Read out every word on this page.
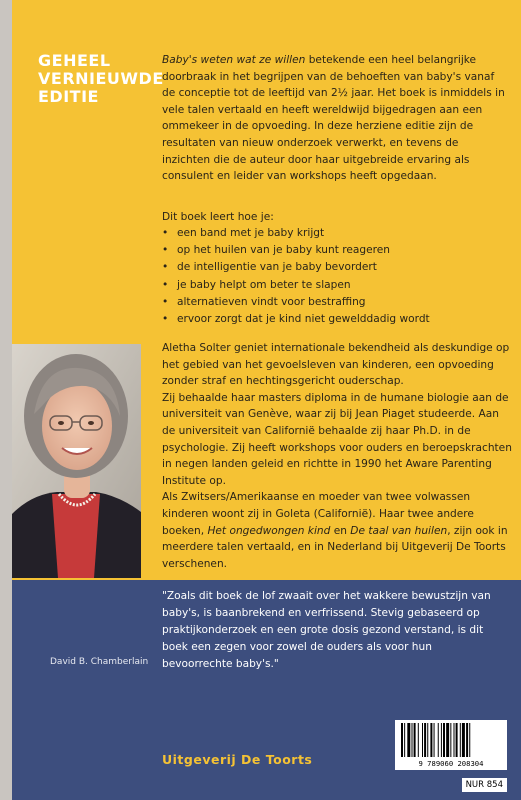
GEHEEL
VERNIEUWDE
EDITIE

Baby's weten wat ze willen betekende een heel belangrijke doorbraak in het begrijpen van de behoeften van baby's vanaf de conceptie tot de leeftijd van 2½ jaar. Het boek is inmiddels in vele talen vertaald en heeft wereldwijd bijgedragen aan een ommekeer in de opvoeding. In deze herziene editie zijn de resultaten van nieuw onderzoek verwerkt, en tevens de inzichten die de auteur door haar uitgebreide ervaring als consulent en leider van workshops heeft opgedaan.

Dit boek leert hoe je:

• een band met je baby krijgt
• op het huilen van je baby kunt reageren
• de intelligentie van je baby bevordert
• je baby helpt om beter te slapen
• alternatieven vindt voor bestraffing
• ervoor zorgt dat je kind niet gewelddadig wordt
Aletha Solter geniet internationale bekendheid als deskundige op het gebied van het gevoelsleven van kinderen, een opvoeding zonder straf en hechtingsgericht ouderschap.
Zij behaalde haar masters diploma in de humane biologie aan de universiteit van Genève, waar zij bij Jean Piaget studeerde. Aan de universiteit van Californië behaalde zij haar Ph.D. in de psychologie. Zij heeft workshops voor ouders en beroepskrachten in negen landen geleid en richtte in 1990 het Aware Parenting Institute op.
Als Zwitsers/Amerikaanse en moeder van twee volwassen kinderen woont zij in Goleta (Californië). Haar twee andere boeken, Het ongedwongen kind en De taal van huilen, zijn ook in meerdere talen vertaald, en in Nederland bij Uitgeverij De Toorts verschenen.

"Zoals dit boek de lof zwaait over het wakkere bewustzijn van baby's, is baanbrekend en verfrissend. Stevig gebaseerd op praktijkonderzoek en een grote dosis gezond verstand, is dit boek een zegen voor zowel de ouders als voor hun bevoorrechte baby's."

David B. Chamberlain

Uitgeverij De Toorts	9 789060 208304
NUR 854
